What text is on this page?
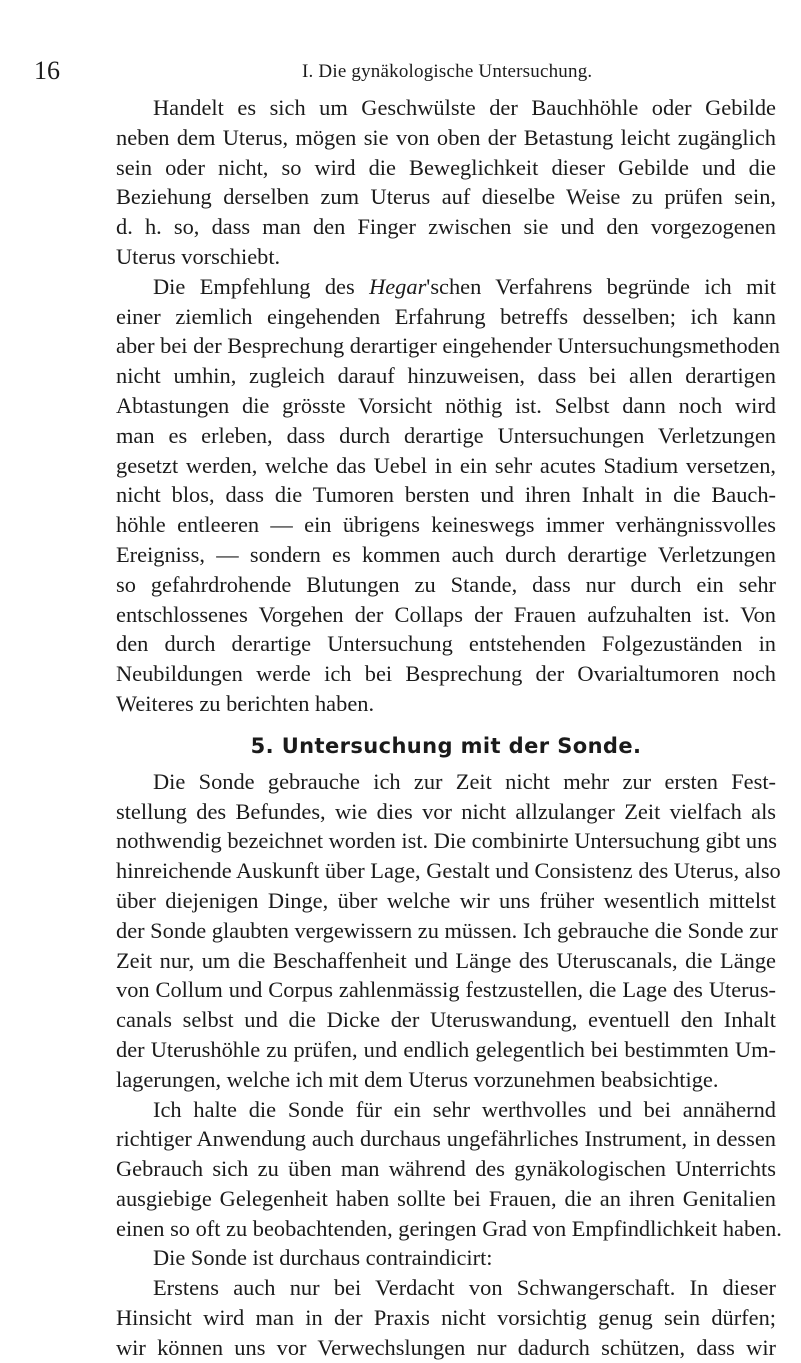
16	I. Die gynäkologische Untersuchung.
Handelt es sich um Geschwülste der Bauchhöhle oder Gebilde
neben dem Uterus, mögen sie von oben der Betastung leicht zugänglich
sein oder nicht, so wird die Beweglichkeit dieser Gebilde und die
Beziehung derselben zum Uterus auf dieselbe Weise zu prüfen sein,
d. h. so, dass man den Finger zwischen sie und den vorgezogenen
Uterus vorschiebt.
Die Empfehlung des Hegar'schen Verfahrens begründe ich mit
einer ziemlich eingehenden Erfahrung betreffs desselben; ich kann
aber bei der Besprechung derartiger eingehender Untersuchungsmethoden
nicht umhin, zugleich darauf hinzuweisen, dass bei allen derartigen
Abtastungen die grösste Vorsicht nöthig ist. Selbst dann noch wird
man es erleben, dass durch derartige Untersuchungen Verletzungen
gesetzt werden, welche das Uebel in ein sehr acutes Stadium versetzen,
nicht blos, dass die Tumoren bersten und ihren Inhalt in die Bauch-
höhle entleeren — ein übrigens keineswegs immer verhängnissvolles
Ereigniss, — sondern es kommen auch durch derartige Verletzungen
so gefahrdrohende Blutungen zu Stande, dass nur durch ein sehr
entschlossenes Vorgehen der Collaps der Frauen aufzuhalten ist. Von
den durch derartige Untersuchung entstehenden Folgezuständen in
Neubildungen werde ich bei Besprechung der Ovarialtumoren noch
Weiteres zu berichten haben.
5. Untersuchung mit der Sonde.
Die Sonde gebrauche ich zur Zeit nicht mehr zur ersten Fest-
stellung des Befundes, wie dies vor nicht allzulanger Zeit vielfach als
nothwendig bezeichnet worden ist. Die combinirte Untersuchung gibt uns
hinreichende Auskunft über Lage, Gestalt und Consistenz des Uterus, also
über diejenigen Dinge, über welche wir uns früher wesentlich mittelst
der Sonde glaubten vergewissern zu müssen. Ich gebrauche die Sonde zur
Zeit nur, um die Beschaffenheit und Länge des Uteruscanals, die Länge
von Collum und Corpus zahlenmässig festzustellen, die Lage des Uterus-
canals selbst und die Dicke der Uteruswandung, eventuell den Inhalt
der Uterushöhle zu prüfen, und endlich gelegentlich bei bestimmten Um-
lagerungen, welche ich mit dem Uterus vorzunehmen beabsichtige.
Ich halte die Sonde für ein sehr werthvolles und bei annähernd
richtiger Anwendung auch durchaus ungefährliches Instrument, in dessen
Gebrauch sich zu üben man während des gynäkologischen Unterrichts
ausgiebige Gelegenheit haben sollte bei Frauen, die an ihren Genitalien
einen so oft zu beobachtenden, geringen Grad von Empfindlichkeit haben.
Die Sonde ist durchaus contraindicirt:
Erstens auch nur bei Verdacht von Schwangerschaft. In dieser
Hinsicht wird man in der Praxis nicht vorsichtig genug sein dürfen;
wir können uns vor Verwechslungen nur dadurch schützen, dass wir
